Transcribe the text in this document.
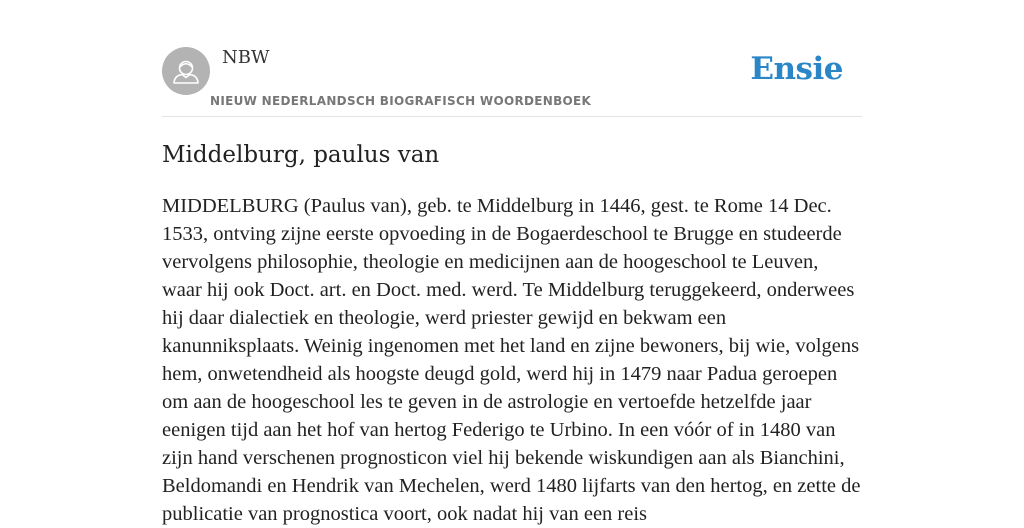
NBW
NIEUW NEDERLANDSCH BIOGRAFISCH WOORDENBOEK
Ensie
Middelburg, paulus van

MIDDELBURG (Paulus van), geb. te Middelburg in 1446, gest. te Rome 14 Dec. 1533, ontving zijne eerste opvoeding in de Bogaerdeschool te Brugge en studeerde vervolgens philosophie, theologie en medicijnen aan de hoogeschool te Leuven, waar hij ook Doct. art. en Doct. med. werd. Te Middelburg teruggekeerd, onderwees hij daar dialectiek en theologie, werd priester gewijd en bekwam een kanunniksplaats. Weinig ingenomen met het land en zijne bewoners, bij wie, volgens hem, onwetendheid als hoogste deugd gold, werd hij in 1479 naar Padua geroepen om aan de hoogeschool les te geven in de astrologie en vertoefde hetzelfde jaar eenigen tijd aan het hof van hertog Federigo te Urbino. In een vóór of in 1480 van zijn hand verschenen prognosticon viel hij bekende wiskundigen aan als Bianchini, Beldomandi en Hendrik van Mechelen, werd 1480 lijfarts van den hertog, en zette de publicatie van prognostica voort, ook nadat hij van een reis
